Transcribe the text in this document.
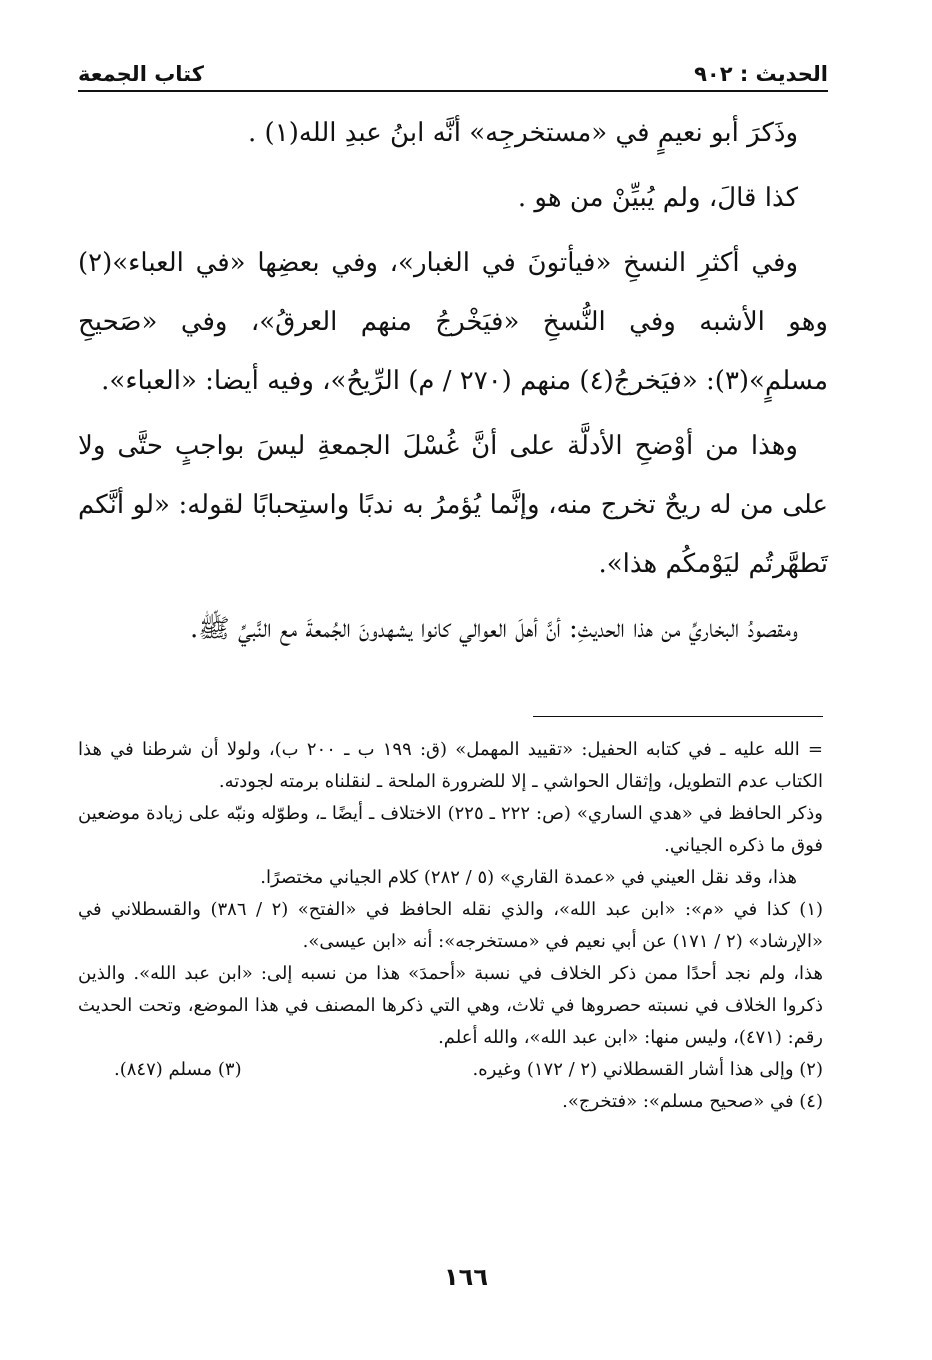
الحديث : ٩٠٢
كتاب الجمعة

وذَكرَ أبو نعيمٍ في «مستخرجِه» أنَّه ابنُ عبدِ الله(١) .

كذا قالَ، ولم يُبيِّنْ من هو .

وفي أكثرِ النسخِ «فيأتونَ في الغبار»، وفي بعضِها «في العباء»(٢) وهو الأشبه وفي النُّسخِ «فيَخْرجُ منهم العرقُ»، وفي «صَحيحِ مسلمٍ»(٣): «فيَخرجُ(٤) منهم (٢٧٠ / م) الرِّيحُ»، وفيه أيضا: «العباء».

وهذا من أوْضحِ الأدلَّة على أنَّ غُسْلَ الجمعةِ ليسَ بواجبٍ حتَّى ولا على من له ريحٌ تخرج منه، وإنَّما يُؤمرُ به ندبًا واستِحبابًا لقوله: «لو أنَّكم تَطهَّرتُم ليَوْمكُم هذا».

ومقصودُ البخاريِّ من هذا الحديثِ: أنَّ أهلَ العوالي كانوا يشهدونَ الجُمعةَ مع النَّبيِّ ﷺ.

= الله عليه ـ في كتابه الحفيل: «تقييد المهمل» (ق: ١٩٩ ب ـ ٢٠٠ ب)، ولولا أن شرطنا في هذا الكتاب عدم التطويل، وإثقال الحواشي ـ إلا للضرورة الملحة ـ لنقلناه برمته لجودته.

وذكر الحافظ في «هدي الساري» (ص: ٢٢٢ ـ ٢٢٥) الاختلاف ـ أيضًا ـ، وطوّله ونبّه على زيادة موضعين فوق ما ذكره الجياني.

هذا، وقد نقل العيني في «عمدة القاري» (٥ / ٢٨٢) كلام الجياني مختصرًا.

(١) كذا في «م»: «ابن عبد الله»، والذي نقله الحافظ في «الفتح» (٢ / ٣٨٦) والقسطلاني في «الإرشاد» (٢ / ١٧١) عن أبي نعيم في «مستخرجه»: أنه «ابن عيسى».

هذا، ولم نجد أحدًا ممن ذكر الخلاف في نسبة «أحمدَ» هذا من نسبه إلى: «ابن عبد الله». والذين ذكروا الخلاف في نسبته حصروها في ثلاث، وهي التي ذكرها المصنف في هذا الموضع، وتحت الحديث رقم: (٤٧١)، وليس منها: «ابن عبد الله»، والله أعلم.

(٢) وإلى هذا أشار القسطلاني (٢ / ١٧٢) وغيره.
(٣) مسلم (٨٤٧).

(٤) في «صحيح مسلم»: «فتخرج».

١٦٦
